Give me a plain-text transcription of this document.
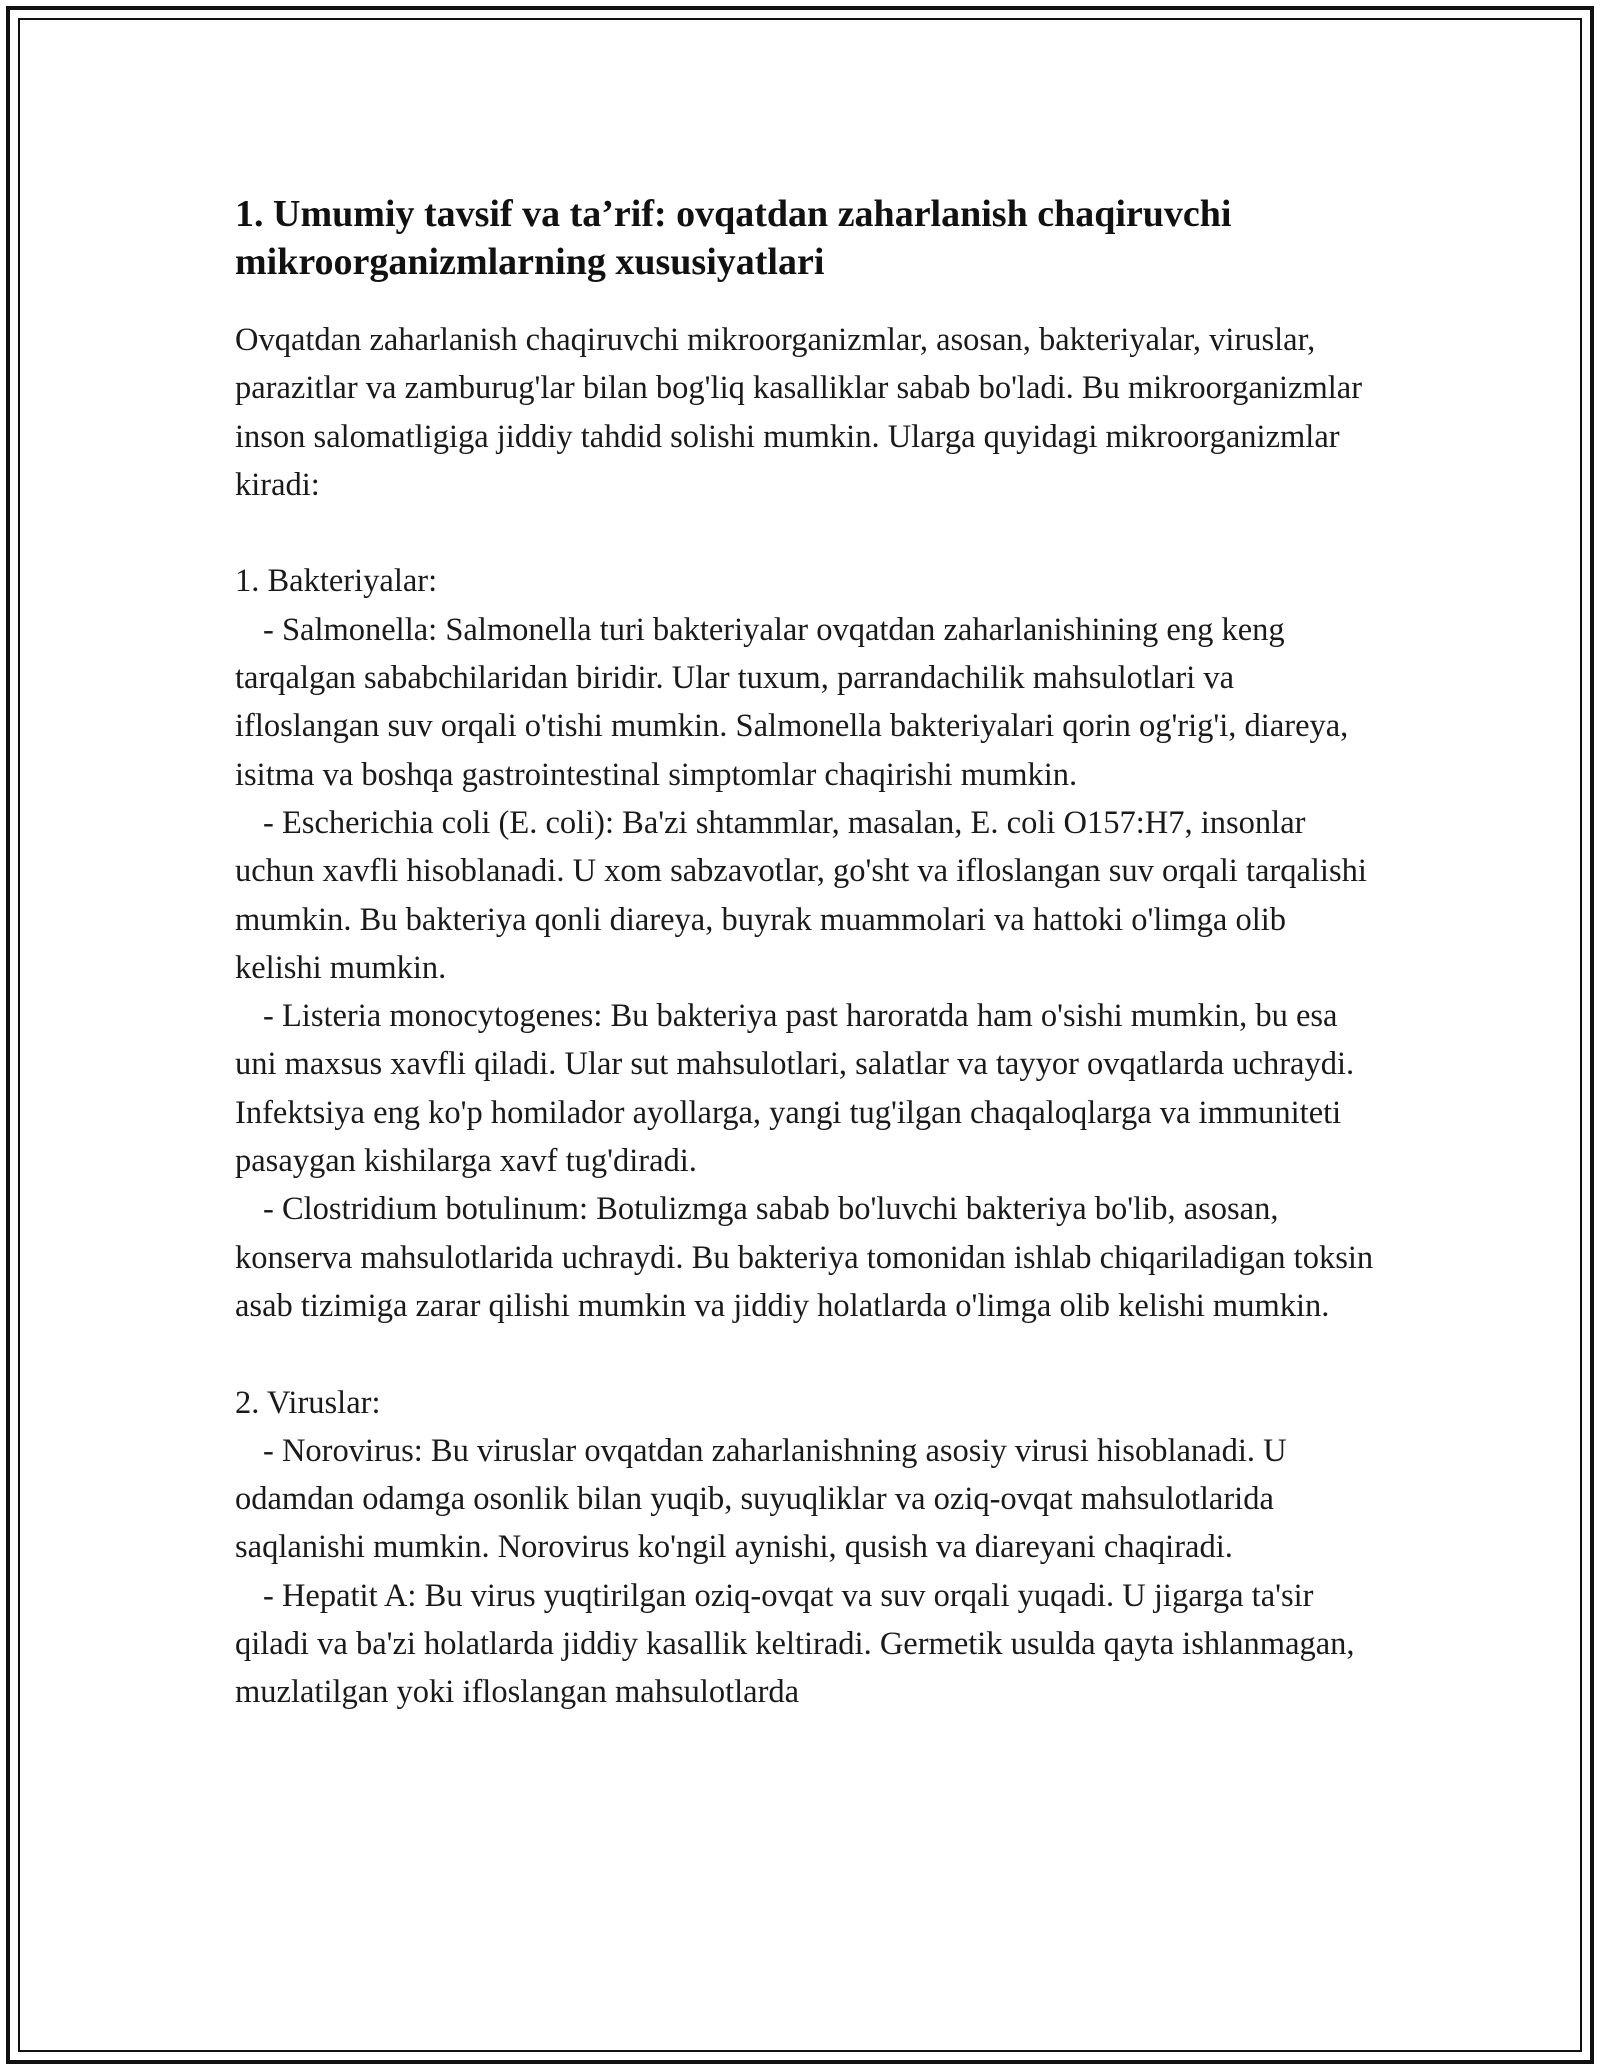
1. Umumiy tavsif va ta’rif: ovqatdan zaharlanish chaqiruvchi mikroorganizmlarning xususiyatlari

Ovqatdan zaharlanish chaqiruvchi mikroorganizmlar, asosan, bakteriyalar, viruslar, parazitlar va zamburug'lar bilan bog'liq kasalliklar sabab bo'ladi. Bu mikroorganizmlar inson salomatligiga jiddiy tahdid solishi mumkin. Ularga quyidagi mikroorganizmlar kiradi:

1. Bakteriyalar:

- Salmonella: Salmonella turi bakteriyalar ovqatdan zaharlanishining eng keng tarqalgan sababchilaridan biridir. Ular tuxum, parrandachilik mahsulotlari va ifloslangan suv orqali o'tishi mumkin. Salmonella bakteriyalari qorin og'rig'i, diareya, isitma va boshqa gastrointestinal simptomlar chaqirishi mumkin.

- Escherichia coli (E. coli): Ba'zi shtammlar, masalan, E. coli O157:H7, insonlar uchun xavfli hisoblanadi. U xom sabzavotlar, go'sht va ifloslangan suv orqali tarqalishi mumkin. Bu bakteriya qonli diareya, buyrak muammolari va hattoki o'limga olib kelishi mumkin.

- Listeria monocytogenes: Bu bakteriya past haroratda ham o'sishi mumkin, bu esa uni maxsus xavfli qiladi. Ular sut mahsulotlari, salatlar va tayyor ovqatlarda uchraydi. Infektsiya eng ko'p homilador ayollarga, yangi tug'ilgan chaqaloqlarga va immuniteti pasaygan kishilarga xavf tug'diradi.

- Clostridium botulinum: Botulizmga sabab bo'luvchi bakteriya bo'lib, asosan, konserva mahsulotlarida uchraydi. Bu bakteriya tomonidan ishlab chiqariladigan toksin asab tizimiga zarar qilishi mumkin va jiddiy holatlarda o'limga olib kelishi mumkin.

2. Viruslar:

- Norovirus: Bu viruslar ovqatdan zaharlanishning asosiy virusi hisoblanadi. U odamdan odamga osonlik bilan yuqib, suyuqliklar va oziq-ovqat mahsulotlarida saqlanishi mumkin. Norovirus ko'ngil aynishi, qusish va diareyani chaqiradi.

- Hepatit A: Bu virus yuqtirilgan oziq-ovqat va suv orqali yuqadi. U jigarga ta'sir qiladi va ba'zi holatlarda jiddiy kasallik keltiradi. Germetik usulda qayta ishlanmagan, muzlatilgan yoki ifloslangan mahsulotlarda
